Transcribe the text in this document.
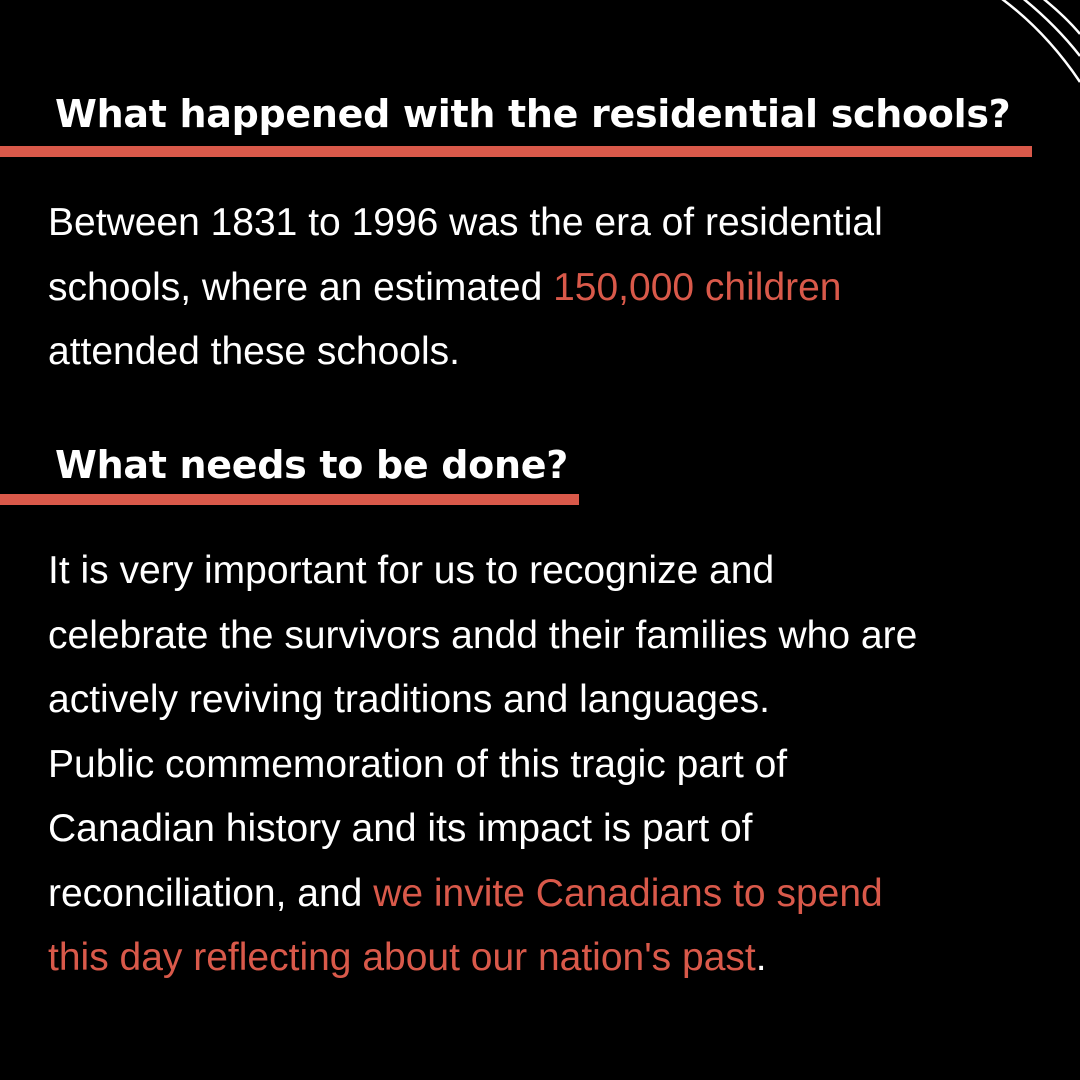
What happened with the residential schools?

Between 1831 to 1996 was the era of residential
schools, where an estimated 150,000 children
attended these schools.

What needs to be done?

It is very important for us to recognize and
celebrate the survivors andd their families who are
actively reviving traditions and languages.
Public commemoration of this tragic part of
Canadian history and its impact is part of
reconciliation, and we invite Canadians to spend
this day reflecting about our nation's past.
